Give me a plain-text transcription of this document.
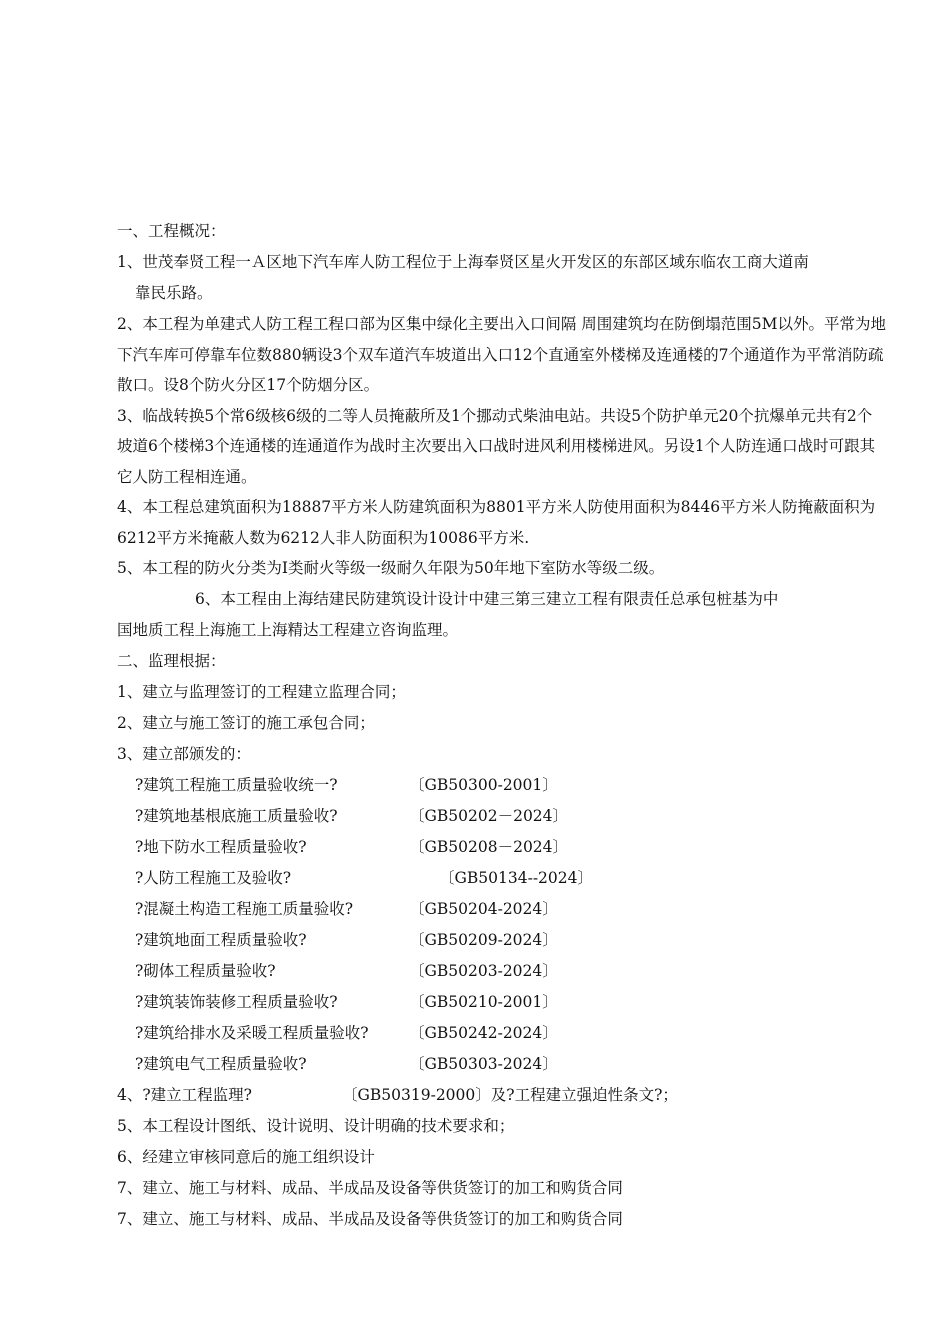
一、工程概况：
1、世茂奉贤工程一Ａ区地下汽车库人防工程位于上海奉贤区星火开发区的东部区域东临农工商大道南
靠民乐路。
2、本工程为单建式人防工程工程口部为区集中绿化主要出入口间隔 周围建筑均在防倒塌范围5M以外。平常为地下汽车库可停靠车位数880辆设3个双车道汽车坡道出入口12个直通室外楼梯及连通楼的7个通道作为平常消防疏散口。设8个防火分区17个防烟分区。
3、临战转换5个常6级核6级的二等人员掩蔽所及1个挪动式柴油电站。共设5个防护单元20个抗爆单元共有2个坡道6个楼梯3个连通楼的连通道作为战时主次要出入口战时进风利用楼梯进风。另设1个人防连通口战时可跟其它人防工程相连通。
4、本工程总建筑面积为18887平方米人防建筑面积为8801平方米人防使用面积为8446平方米人防掩蔽面积为6212平方米掩蔽人数为6212人非人防面积为10086平方米.
5、本工程的防火分类为Ⅰ类耐火等级一级耐久年限为50年地下室防水等级二级。
6、本工程由上海结建民防建筑设计设计中建三第三建立工程有限责任总承包桩基为中
国地质工程上海施工上海精达工程建立咨询监理。
二、监理根据：
1、建立与监理签订的工程建立监理合同；
2、建立与施工签订的施工承包合同；
3、建立部颁发的：
?建筑工程施工质量验收统一?	〔GB50300-2001〕
?建筑地基根底施工质量验收?	〔GB50202－2024〕
?地下防水工程质量验收?	〔GB50208－2024〕
?人防工程施工及验收?	〔GB50134--2024〕
?混凝土构造工程施工质量验收?	〔GB50204-2024〕
?建筑地面工程质量验收?	〔GB50209-2024〕
?砌体工程质量验收?	〔GB50203-2024〕
?建筑装饰装修工程质量验收?	〔GB50210-2001〕
?建筑给排水及采暖工程质量验收?	〔GB50242-2024〕
?建筑电气工程质量验收?	〔GB50303-2024〕
4、?建立工程监理?	〔GB50319-2000〕及?工程建立强迫性条文?；
5、本工程设计图纸、设计说明、设计明确的技术要求和；
6、经建立审核同意后的施工组织设计
7、建立、施工与材料、成品、半成品及设备等供货签订的加工和购货合同
7、建立、施工与材料、成品、半成品及设备等供货签订的加工和购货合同
